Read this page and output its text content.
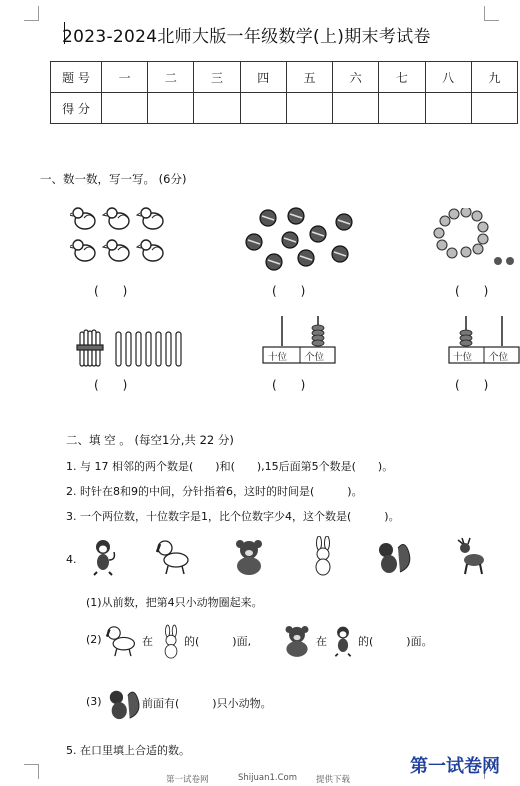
2023-2024北师大版一年级数学(上)期末考试卷
题 号	一	二	三	四	五	六	七	八	九
得 分									
一、数一数，写一写。 (6分)
(　　)	(　　)	(　　)
十位 个位	十位 个位
(　　)	(　　)	(　　)
二、填 空 。 (每空1分,共 22 分)
1. 与 17 相邻的两个数是(　　)和(　　),15后面第5个数是(　　)。
2. 时针在8和9的中间，分针指着6，这时的时间是(　　　)。
3. 一个两位数，十位数字是1，比个位数字少4，这个数是(　　　)。
4.
(1)从前数，把第4只小动物圈起来。
(2)	在	的(　　　)面,	在	的(　　　)面。
(3)	前面有(　　　)只小动物。
5. 在口里填上合适的数。
第一试卷网	Shijuan1.Com 提供下载
第一试卷网
